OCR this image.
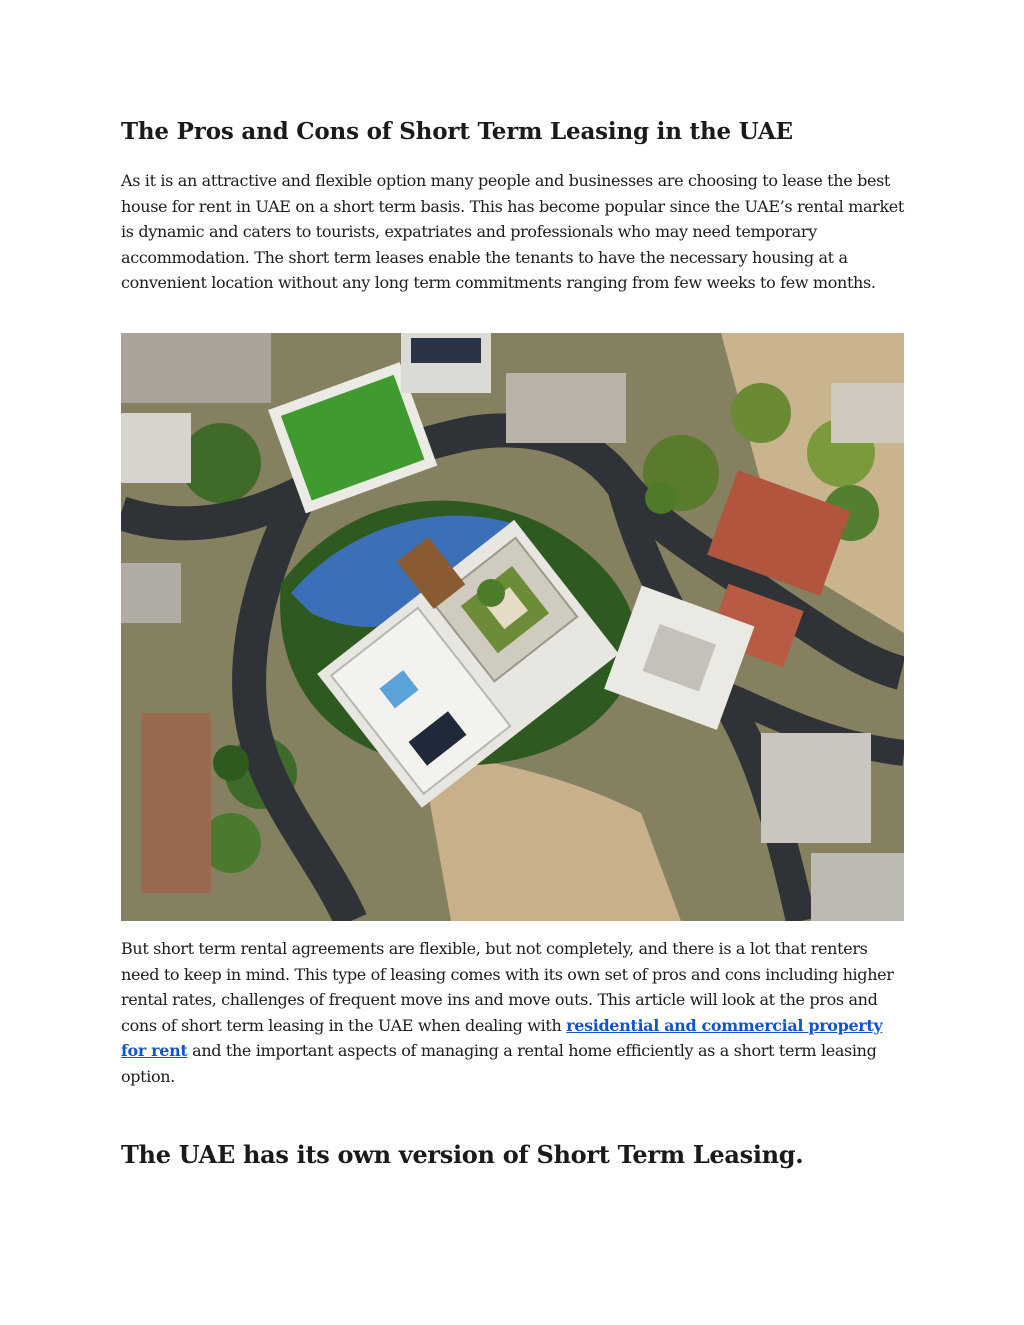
The Pros and Cons of Short Term Leasing in the UAE

As it is an attractive and flexible option many people and businesses are choosing to lease the best house for rent in UAE on a short term basis. This has become popular since the UAE’s rental market is dynamic and caters to tourists, expatriates and professionals who may need temporary accommodation. The short term leases enable the tenants to have the necessary housing at a convenient location without any long term commitments ranging from few weeks to few months.

But short term rental agreements are flexible, but not completely, and there is a lot that renters need to keep in mind. This type of leasing comes with its own set of pros and cons including higher rental rates, challenges of frequent move ins and move outs. This article will look at the pros and cons of short term leasing in the UAE when dealing with residential and commercial property for rent and the important aspects of managing a rental home efficiently as a short term leasing option.

The UAE has its own version of Short Term Leasing.
